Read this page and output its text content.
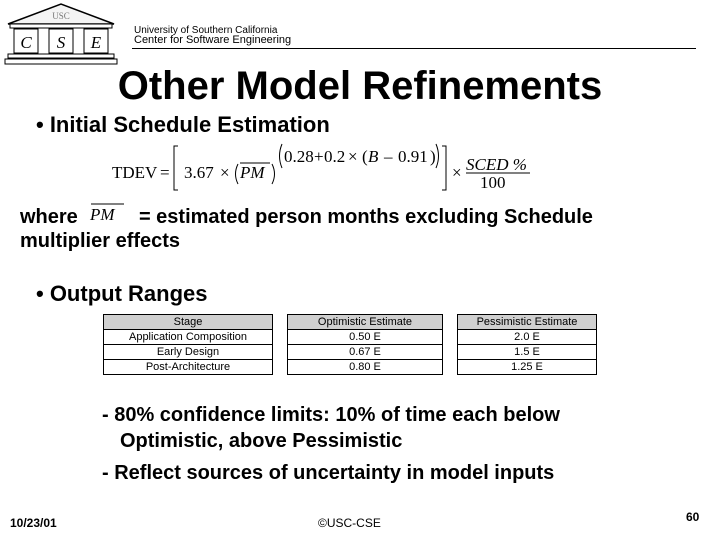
USC
C S E
University of Southern California
Center for Software Engineering
Other Model Refinements
• Initial Schedule Estimation
TDEV = 3.67 × PM
0.28 + 0.2 × ( B – 0.91 )
× SCED %
100
where	= estimated person months excluding Schedule
PM
multiplier effects
• Output Ranges
Stage		Optimistic Estimate		Pessimistic Estimate
Application Composition		0.50 E		2.0 E
Early Design		0.67 E		1.5 E
Post-Architecture		0.80 E		1.25 E
- 80% confidence limits: 10% of time each below
Optimistic, above Pessimistic
- Reflect sources of uncertainty in model inputs
10/23/01	©USC-CSE	60
